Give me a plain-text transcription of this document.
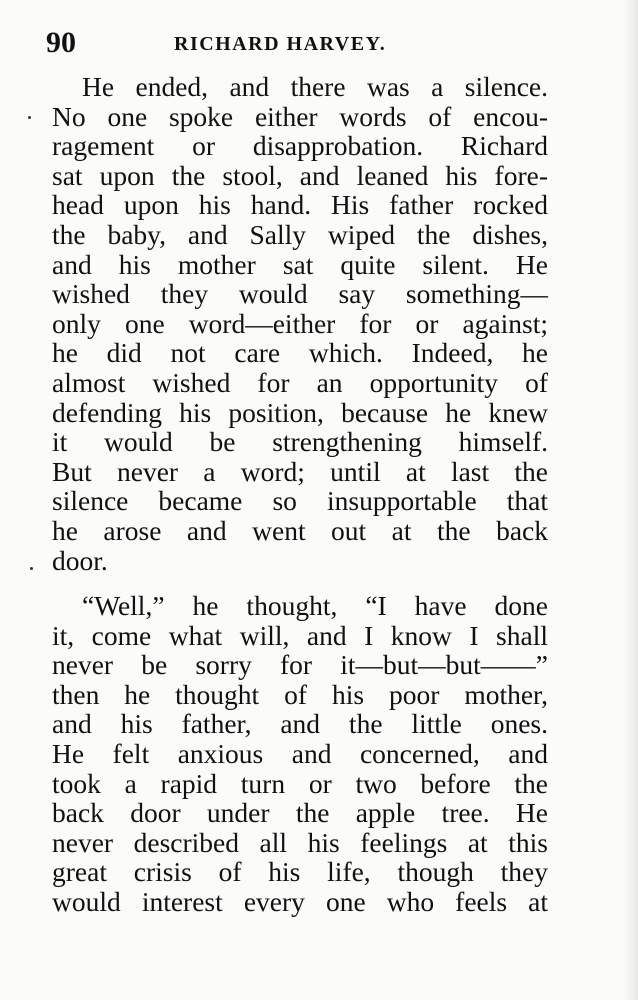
90	RICHARD HARVEY.
He ended, and there was a silence.
No one spoke either words of encou-
ragement or disapprobation. Richard
sat upon the stool, and leaned his fore-
head upon his hand. His father rocked
the baby, and Sally wiped the dishes,
and his mother sat quite silent. He
wished they would say something—
only one word—either for or against;
he did not care which. Indeed, he
almost wished for an opportunity of
defending his position, because he knew
it would be strengthening himself.
But never a word; until at last the
silence became so insupportable that
he arose and went out at the back
door.
“Well,” he thought, “I have done
it, come what will, and I know I shall
never be sorry for it—but—but——”
then he thought of his poor mother,
and his father, and the little ones.
He felt anxious and concerned, and
took a rapid turn or two before the
back door under the apple tree. He
never described all his feelings at this
great crisis of his life, though they
would interest every one who feels at
